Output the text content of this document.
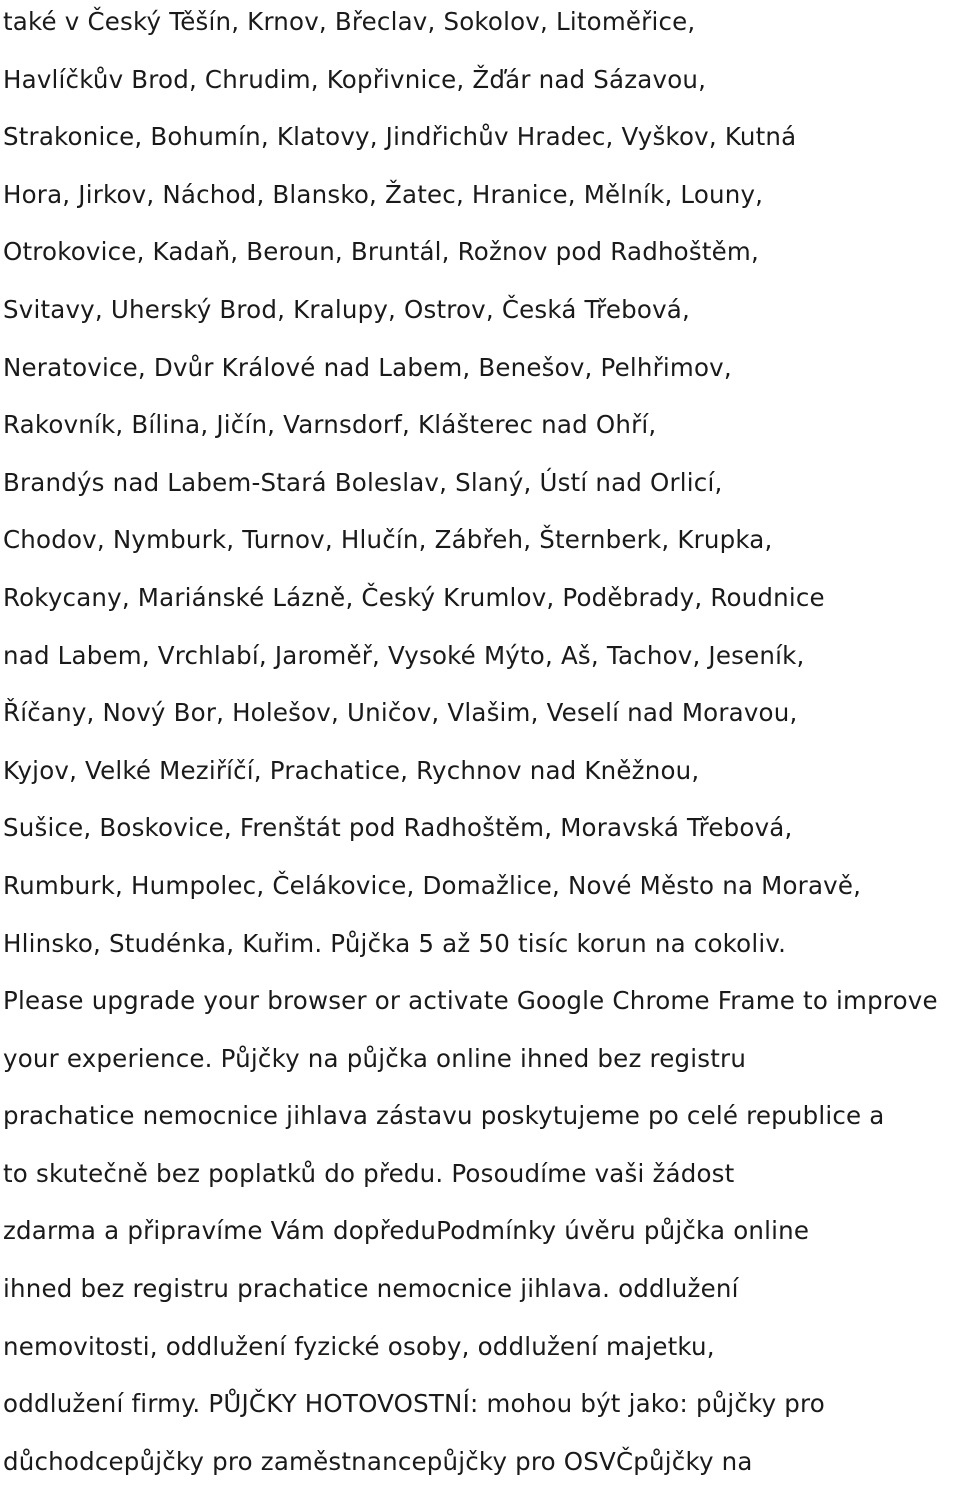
také v Český Těšín, Krnov, Břeclav, Sokolov, Litoměřice,
Havlíčkův Brod, Chrudim, Kopřivnice, Žďár nad Sázavou,
Strakonice, Bohumín, Klatovy, Jindřichův Hradec, Vyškov, Kutná
Hora, Jirkov, Náchod, Blansko, Žatec, Hranice, Mělník, Louny,
Otrokovice, Kadaň, Beroun, Bruntál, Rožnov pod Radhoštěm,
Svitavy, Uherský Brod, Kralupy, Ostrov, Česká Třebová,
Neratovice, Dvůr Králové nad Labem, Benešov, Pelhřimov,
Rakovník, Bílina, Jičín, Varnsdorf, Klášterec nad Ohří,
Brandýs nad Labem-Stará Boleslav, Slaný, Ústí nad Orlicí,
Chodov, Nymburk, Turnov, Hlučín, Zábřeh, Šternberk, Krupka,
Rokycany, Mariánské Lázně, Český Krumlov, Poděbrady, Roudnice
nad Labem, Vrchlabí, Jaroměř, Vysoké Mýto, Aš, Tachov, Jeseník,
Říčany, Nový Bor, Holešov, Uničov, Vlašim, Veselí nad Moravou,
Kyjov, Velké Meziříčí, Prachatice, Rychnov nad Kněžnou,
Sušice, Boskovice, Frenštát pod Radhoštěm, Moravská Třebová,
Rumburk, Humpolec, Čelákovice, Domažlice, Nové Město na Moravě,
Hlinsko, Studénka, Kuřim. Půjčka 5 až 50 tisíc korun na cokoliv.
Please upgrade your browser or activate Google Chrome Frame to improve
your experience. Půjčky na půjčka online ihned bez registru
prachatice nemocnice jihlava zástavu poskytujeme po celé republice a
to skutečně bez poplatků do předu. Posoudíme vaši žádost
zdarma a připravíme Vám dopředuPodmínky úvěru půjčka online
ihned bez registru prachatice nemocnice jihlava. oddlužení
nemovitosti, oddlužení fyzické osoby, oddlužení majetku,
oddlužení firmy. PŮJČKY HOTOVOSTNÍ: mohou být jako: půjčky pro
důchodcepůjčky pro zaměstnancepůjčky pro OSVČpůjčky na
